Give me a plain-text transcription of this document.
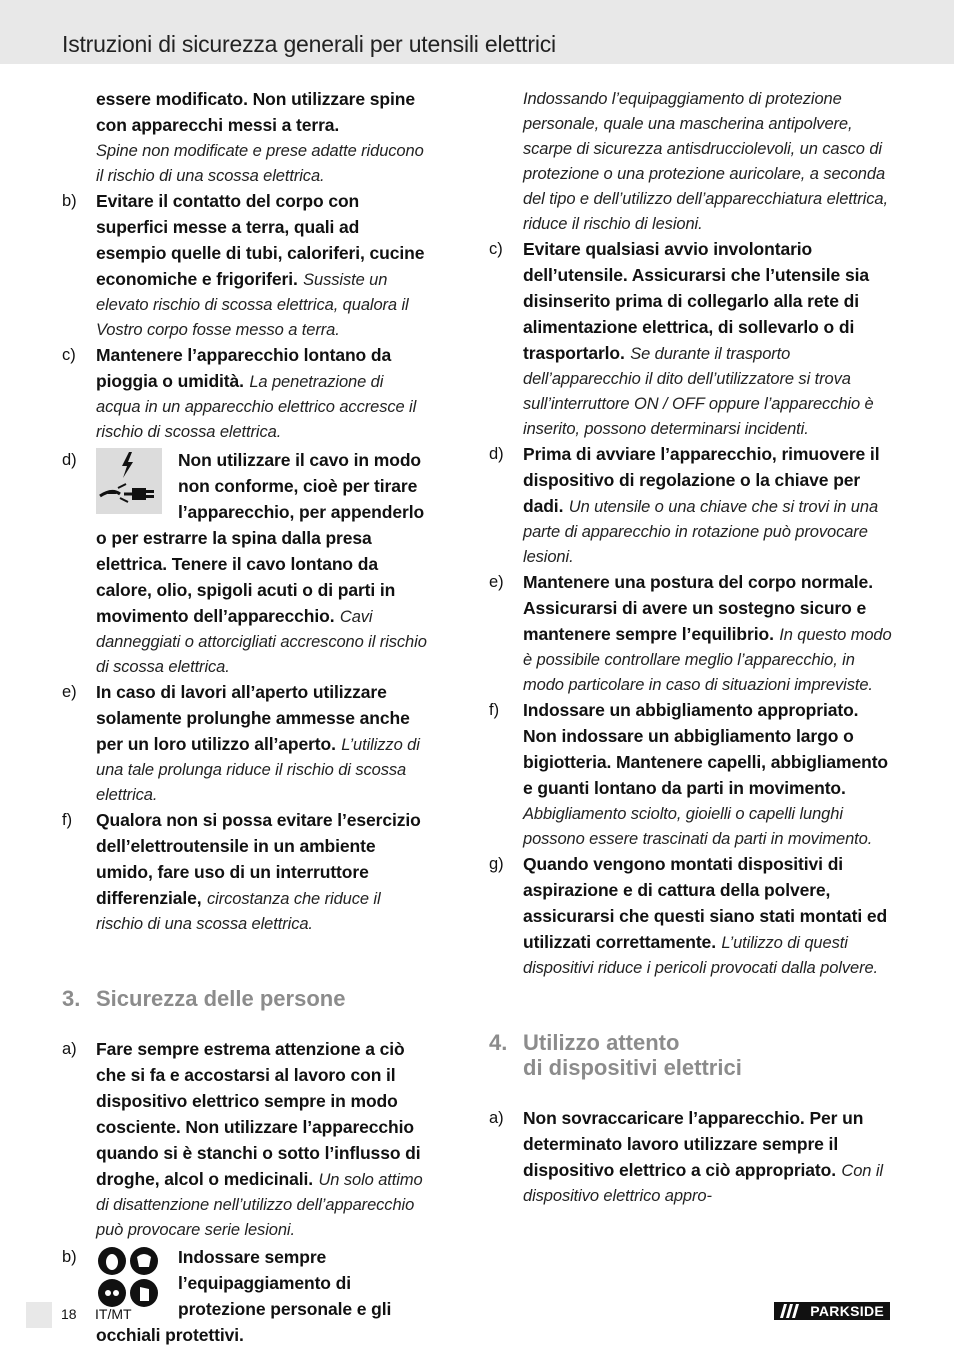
Istruzioni di sicurezza generali per utensili elettrici
essere modificato. Non utilizzare spine con apparecchi messi a terra.
Spine non modificate e prese adatte riducono il rischio di una scossa elettrica.
b) Evitare il contatto del corpo con superfici messe a terra, quali ad esempio quelle di tubi, caloriferi, cucine economiche e frigoriferi. Sussiste un elevato rischio di scossa elettrica, qualora il Vostro corpo fosse messo a terra.
c) Mantenere l’apparecchio lontano da pioggia o umidità. La penetrazione di acqua in un apparecchio elettrico accresce il rischio di scossa elettrica.
d)	Non utilizzare il cavo in modo non conforme, cioè per tirare l’apparecchio, per appenderlo o per estrarre la spina dalla presa elettrica. Tenere il cavo lontano da calore, olio, spigoli acuti o di parti in movimento dell’apparecchio. Cavi danneggiati o attorcigliati accrescono il rischio di scossa elettrica.
e) In caso di lavori all’aperto utilizzare solamente prolunghe ammesse anche per un loro utilizzo all’aperto. L’utilizzo di una tale prolunga riduce il rischio di scossa elettrica.
f) Qualora non si possa evitare l’esercizio dell’elettroutensile in un ambiente umido, fare uso di un interruttore differenziale, circostanza che riduce il rischio di una scossa elettrica.
3. Sicurezza delle persone
a) Fare sempre estrema attenzione a ciò che si fa e accostarsi al lavoro con il dispositivo elettrico sempre in modo cosciente. Non utilizzare l’apparecchio quando si è stanchi o sotto l’influsso di droghe, alcol o medicinali. Un solo attimo di disattenzione nell’utilizzo dell’apparecchio può provocare serie lesioni.
b)	Indossare sempre l’equipaggiamento di protezione personale e gli occhiali protettivi.
Indossando l’equipaggiamento di protezione personale, quale una mascherina antipolvere, scarpe di sicurezza antisdrucciolevoli, un casco di protezione o una protezione auricolare, a seconda del tipo e dell’utilizzo dell’apparecchiatura elettrica, riduce il rischio di lesioni.
c) Evitare qualsiasi avvio involontario dell’utensile. Assicurarsi che l’utensile sia disinserito prima di collegarlo alla rete di alimentazione elettrica, di sollevarlo o di trasportarlo. Se durante il trasporto dell’apparecchio il dito dell’utilizzatore si trova sull’interruttore ON / OFF oppure l’apparecchio è inserito, possono determinarsi incidenti.
d) Prima di avviare l’apparecchio, rimuovere il dispositivo di regolazione o la chiave per dadi. Un utensile o una chiave che si trovi in una parte di apparecchio in rotazione può provocare lesioni.
e) Mantenere una postura del corpo normale. Assicurarsi di avere un sostegno sicuro e mantenere sempre l’equilibrio. In questo modo è possibile controllare meglio l’apparecchio, in modo particolare in caso di situazioni impreviste.
f) Indossare un abbigliamento appropriato. Non indossare un abbigliamento largo o bigiotteria. Mantenere capelli, abbigliamento e guanti lontano da parti in movimento. Abbigliamento sciolto, gioielli o capelli lunghi possono essere trascinati da parti in movimento.
g) Quando vengono montati dispositivi di aspirazione e di cattura della polvere, assicurarsi che questi siano stati montati ed utilizzati correttamente. L’utilizzo di questi dispositivi riduce i pericoli provocati dalla polvere.
4. Utilizzo attento
di dispositivi elettrici
a) Non sovraccaricare l’apparecchio. Per un determinato lavoro utilizzare sempre il dispositivo elettrico a ciò appropriato. Con il dispositivo elettrico appro-
18 IT/MT	PARKSIDE
